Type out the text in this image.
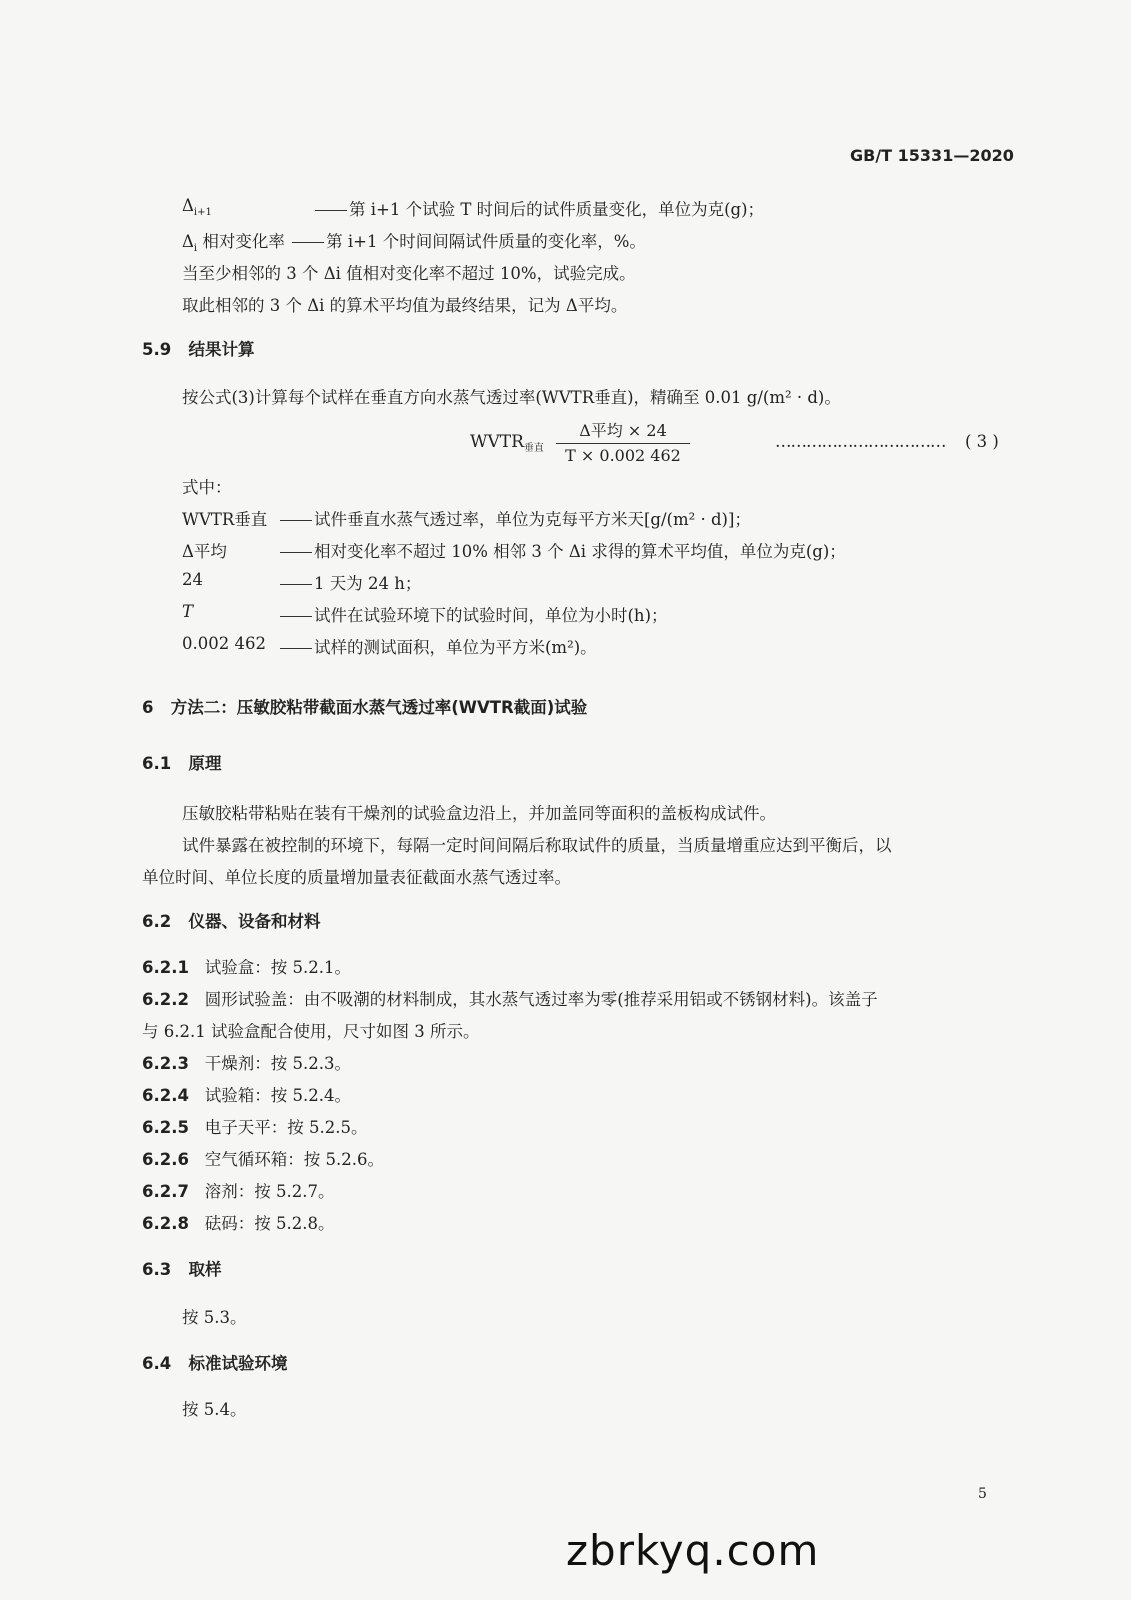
GB/T 15331—2020
$\Delta_{i+1}$	第 i+1 个试验 T 时间后的试件质量变化，单位为克(g)；
$\Delta_i$ 相对变化率	第 i+1 个时间间隔试件质量的变化率，%。
当至少相邻的 3 个 Δi 值相对变化率不超过 10%，试验完成。
取此相邻的 3 个 Δi 的算术平均值为最终结果，记为 Δ平均。
5.9 结果计算
按公式(3)计算每个试样在垂直方向水蒸气透过率(WVTR垂直)，精确至 0.01 g/(m² · d)。
$WVTR_{垂直}$
Δ平均 × 24
T × 0.002 462
…………………………… ( 3 )
式中：
WVTR垂直	试件垂直水蒸气透过率，单位为克每平方米天[g/(m² · d)]；
Δ平均	相对变化率不超过 10% 相邻 3 个 Δi 求得的算术平均值，单位为克(g)；
24	1 天为 24 h；
T	试件在试验环境下的试验时间，单位为小时(h)；
0.002 462	试样的测试面积，单位为平方米(m²)。
6 方法二：压敏胶粘带截面水蒸气透过率(WVTR截面)试验
6.1 原理
压敏胶粘带粘贴在装有干燥剂的试验盒边沿上，并加盖同等面积的盖板构成试件。
试件暴露在被控制的环境下，每隔一定时间间隔后称取试件的质量，当质量增重应达到平衡后，以
单位时间、单位长度的质量增加量表征截面水蒸气透过率。
6.2 仪器、设备和材料
6.2.1 试验盒：按 5.2.1。
6.2.2 圆形试验盖：由不吸潮的材料制成，其水蒸气透过率为零(推荐采用铝或不锈钢材料)。该盖子
与 6.2.1 试验盒配合使用，尺寸如图 3 所示。
6.2.3 干燥剂：按 5.2.3。
6.2.4 试验箱：按 5.2.4。
6.2.5 电子天平：按 5.2.5。
6.2.6 空气循环箱：按 5.2.6。
6.2.7 溶剂：按 5.2.7。
6.2.8 砝码：按 5.2.8。
6.3 取样
按 5.3。
6.4 标准试验环境
按 5.4。
5
zbrkyq.com
